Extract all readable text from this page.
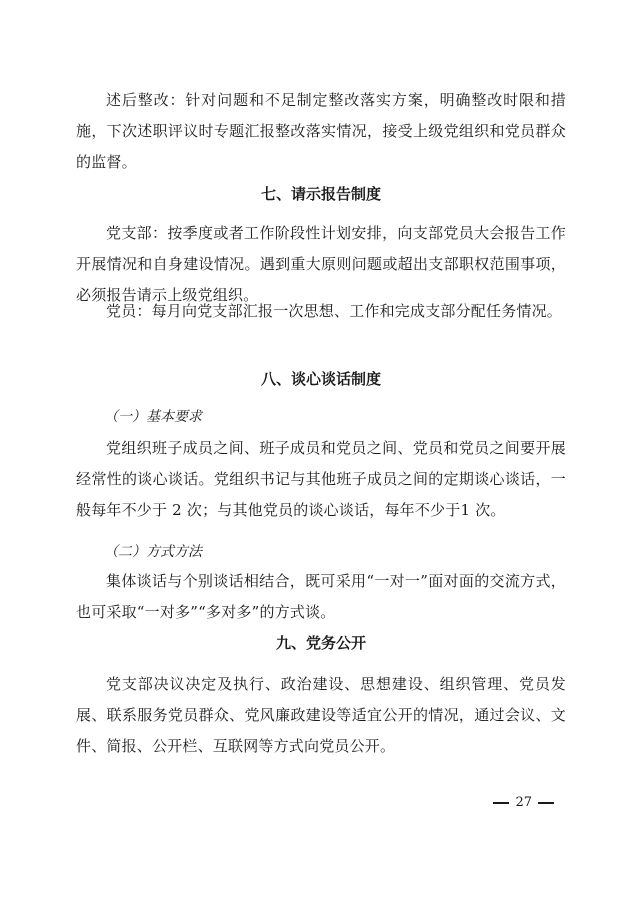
述后整改：针对问题和不足制定整改落实方案，明确整改时限和措施，下次述职评议时专题汇报整改落实情况，接受上级党组织和党员群众的监督。

七、请示报告制度

党支部：按季度或者工作阶段性计划安排，向支部党员大会报告工作开展情况和自身建设情况。遇到重大原则问题或超出支部职权范围事项，必须报告请示上级党组织。

党员：每月向党支部汇报一次思想、工作和完成支部分配任务情况。

八、谈心谈话制度

（一）基本要求

党组织班子成员之间、班子成员和党员之间、党员和党员之间要开展经常性的谈心谈话。党组织书记与其他班子成员之间的定期谈心谈话，一般每年不少于 2 次；与其他党员的谈心谈话，每年不少于1 次。

（二）方式方法

集体谈话与个别谈话相结合，既可采用“一对一”面对面的交流方式，也可采取“一对多”“多对多”的方式谈。

九、党务公开

党支部决议决定及执行、政治建设、思想建设、组织管理、党员发展、联系服务党员群众、党风廉政建设等适宜公开的情况，通过会议、文件、简报、公开栏、互联网等方式向党员公开。

27
